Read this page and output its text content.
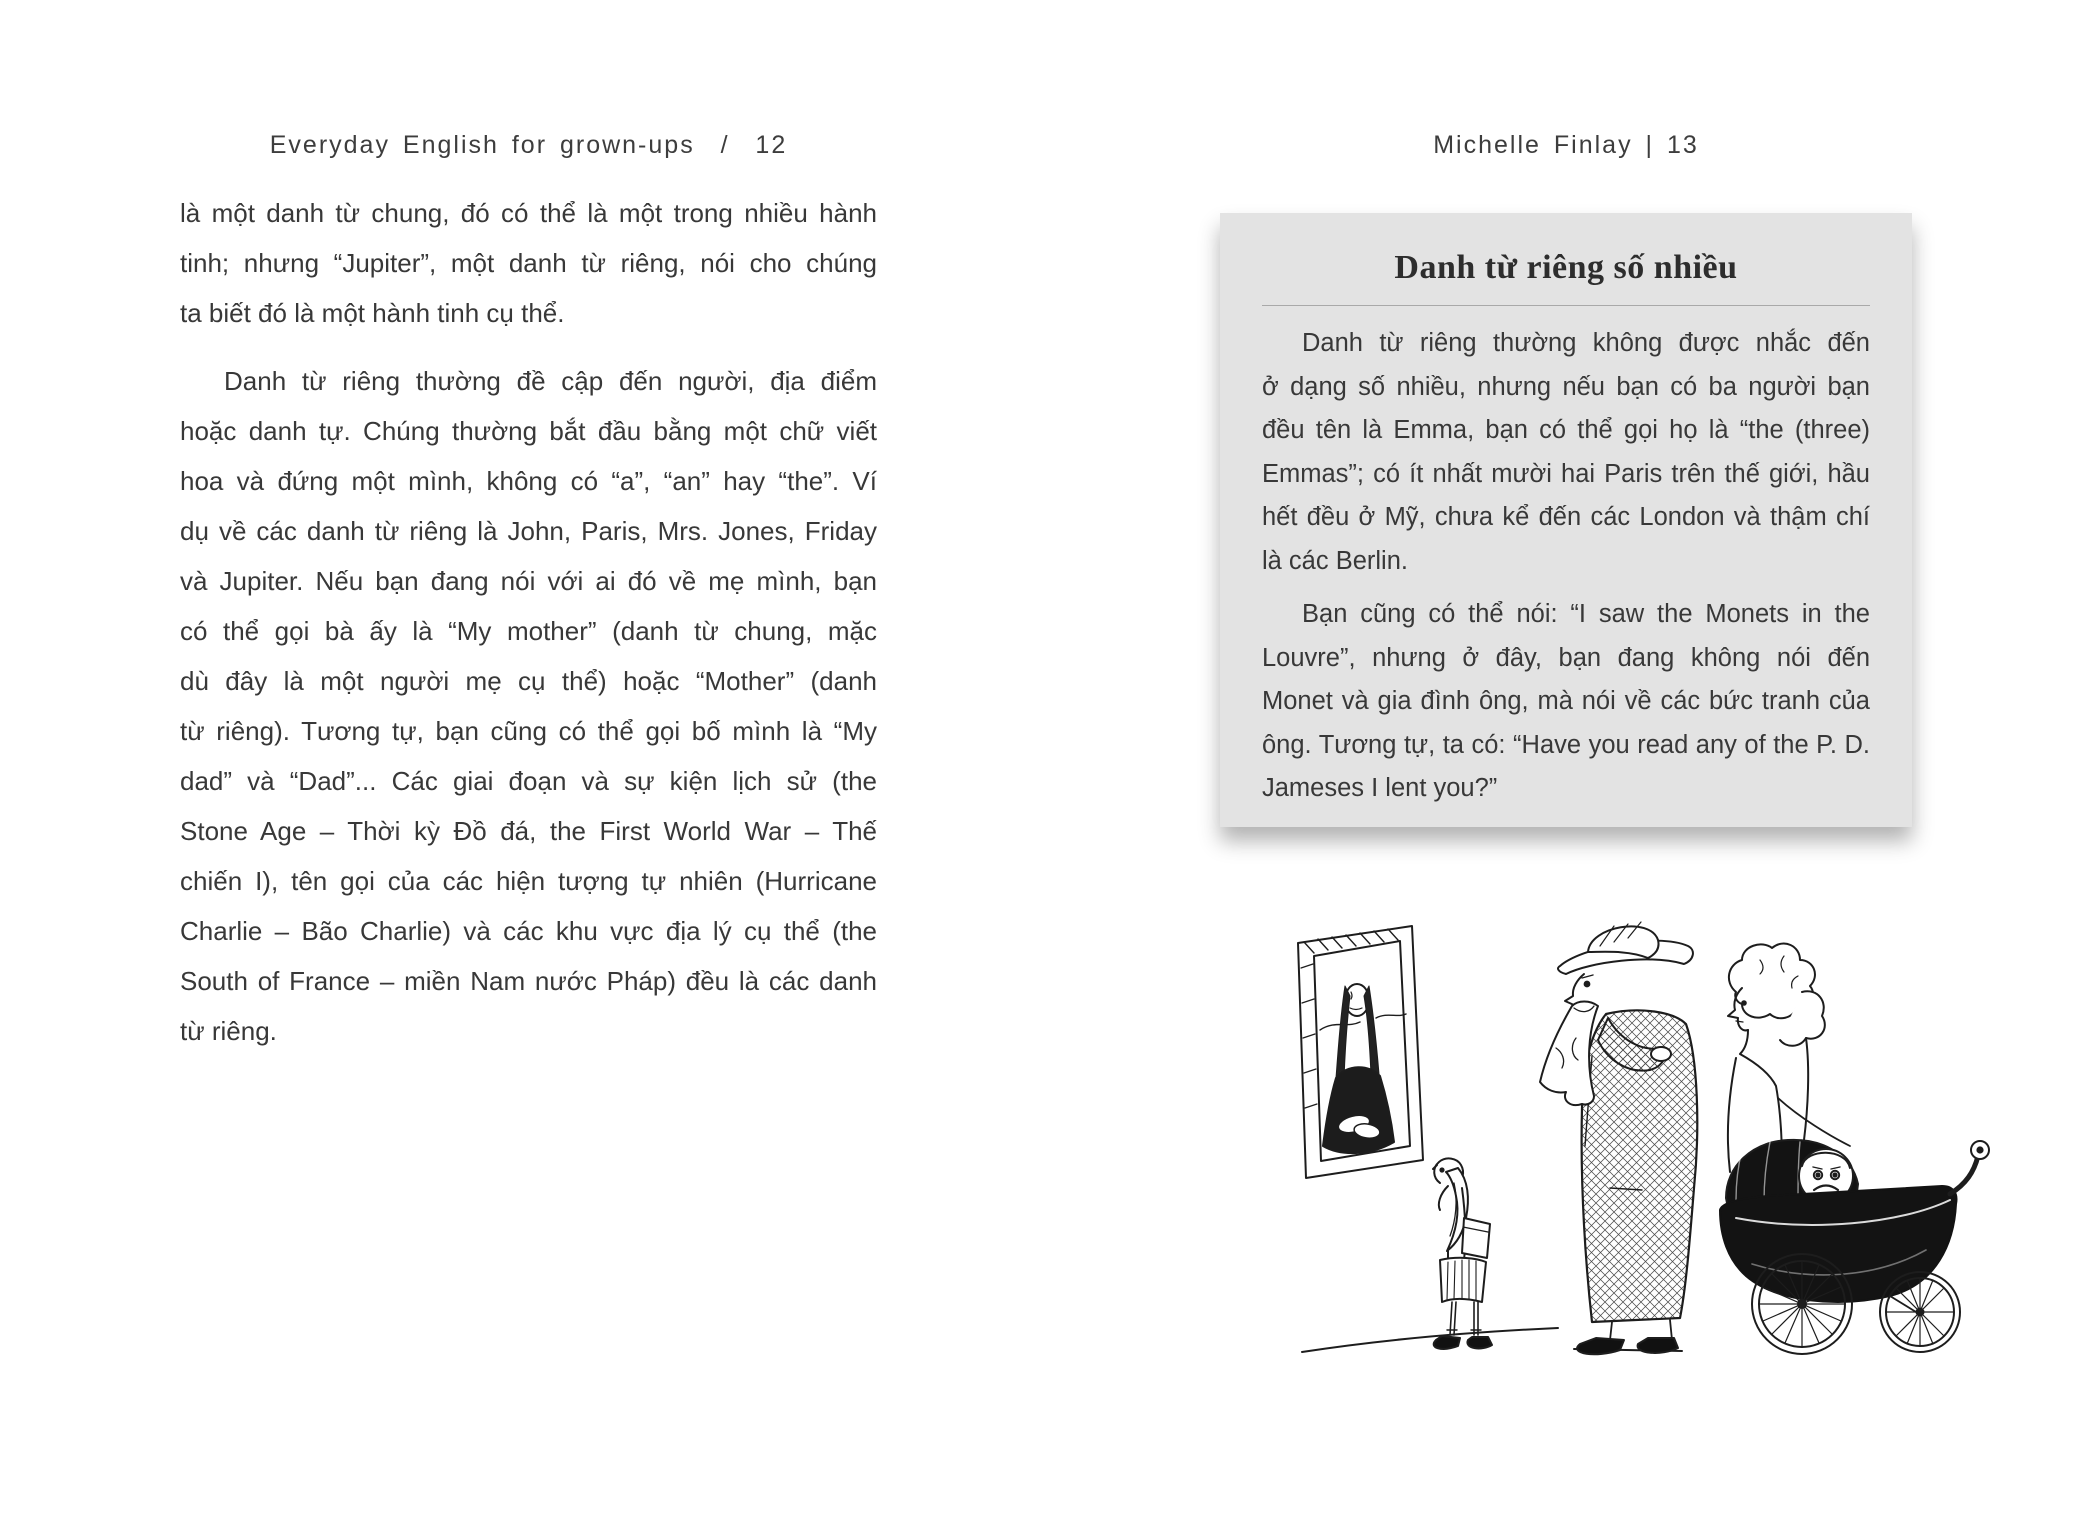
Everyday English for grown-ups  /  12
là một danh từ chung, đó có thể là một trong nhiều hành
tinh; nhưng “Jupiter”, một danh từ riêng, nói cho chúng
ta biết đó là một hành tinh cụ thể.
Danh từ riêng thường đề cập đến người, địa điểm
hoặc danh tự. Chúng thường bắt đầu bằng một chữ viết
hoa và đứng một mình, không có “a”, “an” hay “the”. Ví
dụ về các danh từ riêng là John, Paris, Mrs. Jones, Friday
và Jupiter. Nếu bạn đang nói với ai đó về mẹ mình, bạn
có thể gọi bà ấy là “My mother” (danh từ chung, mặc
dù đây là một người mẹ cụ thể) hoặc “Mother” (danh
từ riêng). Tương tự, bạn cũng có thể gọi bố mình là “My
dad” và “Dad”... Các giai đoạn và sự kiện lịch sử (the
Stone Age – Thời kỳ Đồ đá, the First World War – Thế
chiến I), tên gọi của các hiện tượng tự nhiên (Hurricane
Charlie – Bão Charlie) và các khu vực địa lý cụ thể (the
South of France – miền Nam nước Pháp) đều là các danh
từ riêng.
Michelle Finlay | 13
Danh từ riêng số nhiều
Danh từ riêng thường không được nhắc đến
ở dạng số nhiều, nhưng nếu bạn có ba người bạn
đều tên là Emma, bạn có thể gọi họ là “the (three)
Emmas”; có ít nhất mười hai Paris trên thế giới, hầu
hết đều ở Mỹ, chưa kể đến các London và thậm chí
là các Berlin.
Bạn cũng có thể nói: “I saw the Monets in the
Louvre”, nhưng ở đây, bạn đang không nói đến
Monet và gia đình ông, mà nói về các bức tranh của
ông. Tương tự, ta có: “Have you read any of the P. D.
Jameses I lent you?”
